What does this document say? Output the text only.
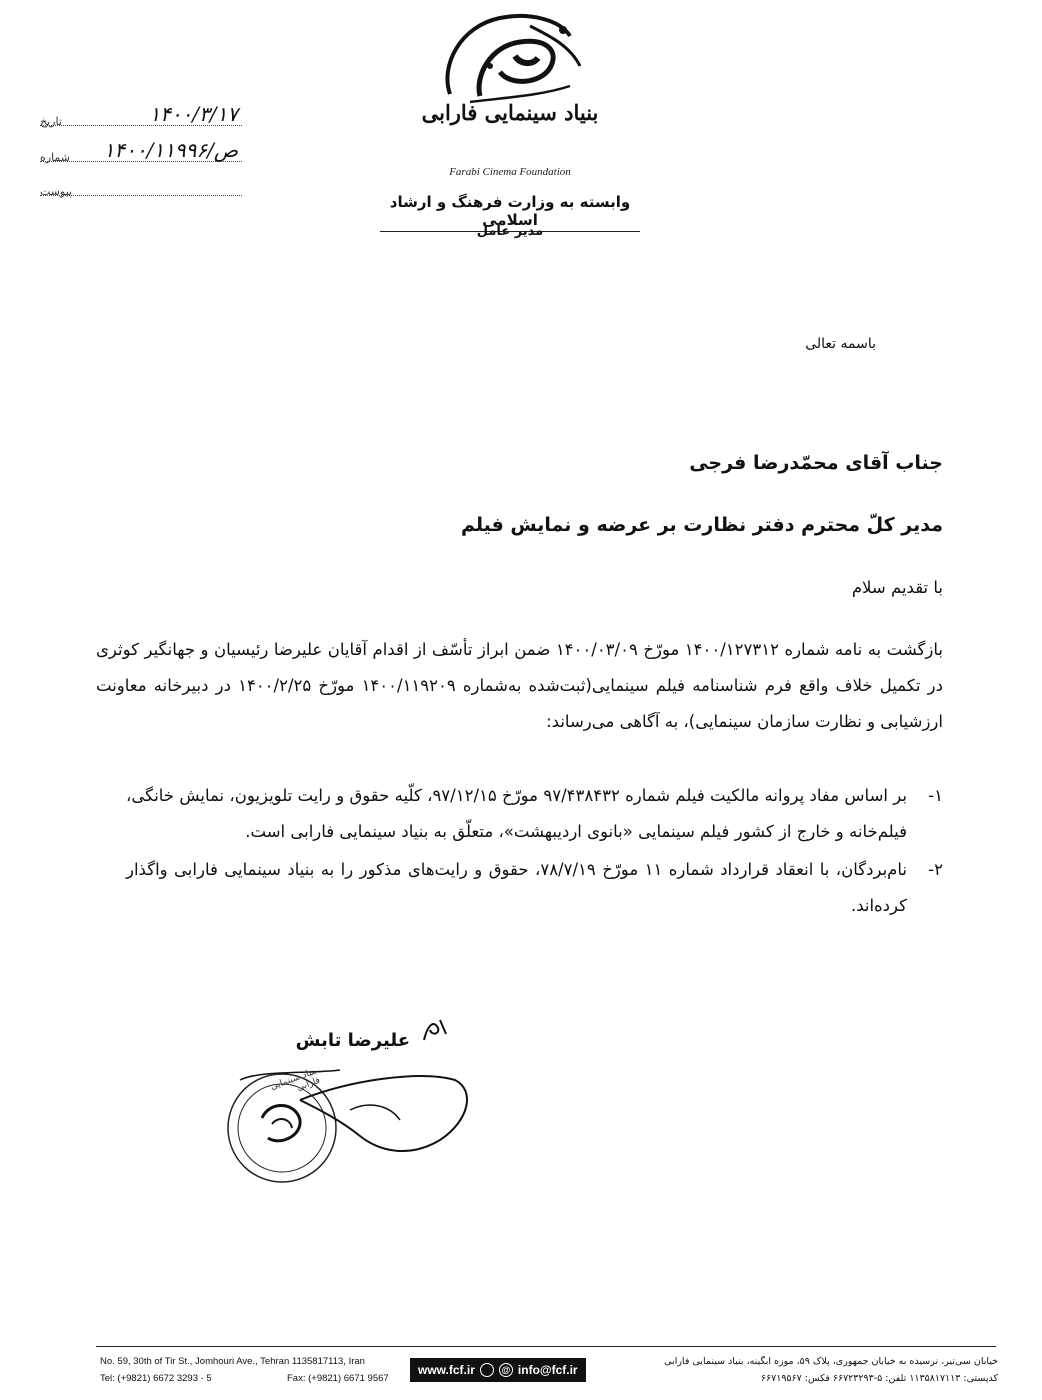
تاریخ	۱۴۰۰/۳/۱۷
شماره ۱۴۰۰/ص/۱۱۹۹۶
پیوست
بنیاد سینمایی فارابی
Farabi Cinema Foundation
وابسته به وزارت فرهنگ و ارشاد اسلامی
مدیر عامل
باسمه تعالی
جناب آقای محمّدرضا فرجی
مدیر کلّ محترم دفتر نظارت بر عرضه و نمایش فیلم
با تقدیم سلام
بازگشت به نامه شماره ۱۴۰۰/۱۲۷۳۱۲ مورّخ ۱۴۰۰/۰۳/۰۹ ضمن ابراز تأسّف از اقدام آقایان علیرضا رئیسیان و جهانگیر کوثری در تکمیل خلاف واقع فرم شناسنامه فیلم سینمایی(ثبت‌شده به‌شماره ۱۴۰۰/۱۱۹۲۰۹ مورّخ ۱۴۰۰/۲/۲۵ در دبیرخانه معاونت ارزشیابی و نظارت سازمان سینمایی)، به آگاهی می‌رساند:
۱-
بر اساس مفاد پروانه مالکیت فیلم شماره ۹۷/۴۳۸۴۳۲ مورّخ ۹۷/۱۲/۱۵، کلّیه حقوق و رایت تلویزیون، نمایش خانگی، فیلم‌خانه و خارج از کشور فیلم سینمایی «بانوی اردیبهشت»، متعلّق به بنیاد سینمایی فارابی است.
۲-
نام‌بردگان، با انعقاد قرارداد شماره ۱۱ مورّخ ۷۸/۷/۱۹، حقوق و رایت‌های مذکور را به بنیاد سینمایی فارابی واگذار کرده‌اند.
علیرضا تابش
بنیاد سینمایی فارابی
No. 59, 30th of Tir St., Jomhouri Ave., Tehran 1135817113, Iran
Tel: (+9821) 6672 3293 - 5	Fax: (+9821) 6671 9567
www.fcf.ir	@ info@fcf.ir
خیابان سی‌تیر، نرسیده به خیابان جمهوری، پلاک ۵۹، موزه آبگینه، بنیاد سینمایی فارابی
کدپستی: ۱۱۳۵۸۱۷۱۱۳ تلفن: ۵-۶۶۷۲۳۲۹۳ فکس: ۶۶۷۱۹۵۶۷
